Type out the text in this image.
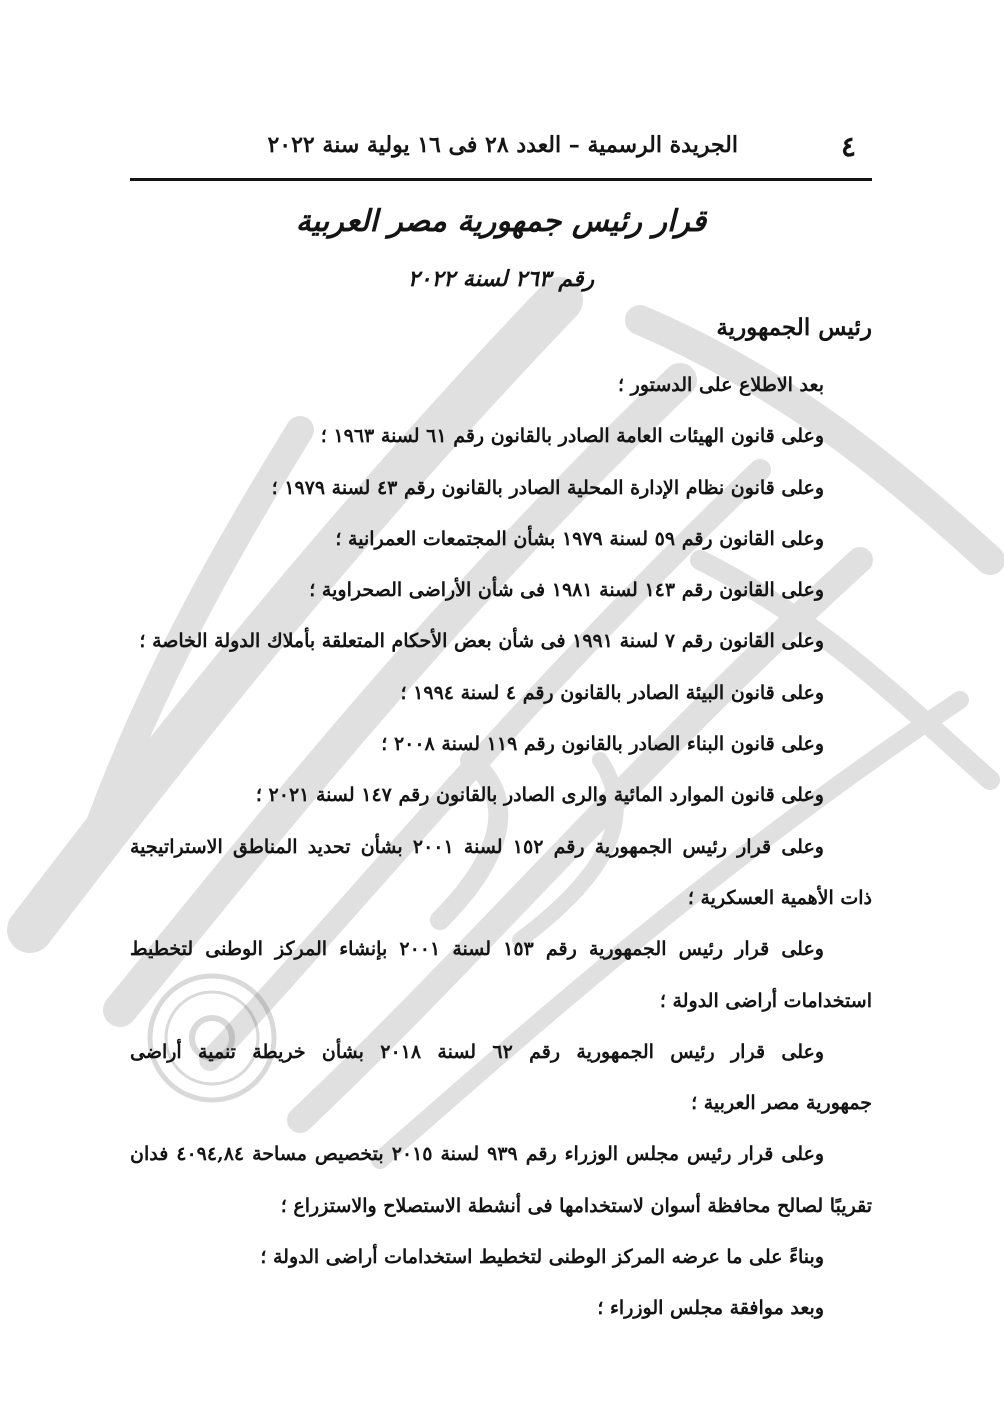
٤
الجريدة الرسمية – العدد ٢٨ فى ١٦ يولية سنة ٢٠٢٢
قرار رئيس جمهورية مصر العربية
رقم ٢٦٣ لسنة ٢٠٢٢
رئيس الجمهورية
بعد الاطلاع على الدستور ؛
وعلى قانون الهيئات العامة الصادر بالقانون رقم ٦١ لسنة ١٩٦٣ ؛
وعلى قانون نظام الإدارة المحلية الصادر بالقانون رقم ٤٣ لسنة ١٩٧٩ ؛
وعلى القانون رقم ٥٩ لسنة ١٩٧٩ بشأن المجتمعات العمرانية ؛
وعلى القانون رقم ١٤٣ لسنة ١٩٨١ فى شأن الأراضى الصحراوية ؛
وعلى القانون رقم ٧ لسنة ١٩٩١ فى شأن بعض الأحكام المتعلقة بأملاك الدولة الخاصة ؛
وعلى قانون البيئة الصادر بالقانون رقم ٤ لسنة ١٩٩٤ ؛
وعلى قانون البناء الصادر بالقانون رقم ١١٩ لسنة ٢٠٠٨ ؛
وعلى قانون الموارد المائية والرى الصادر بالقانون رقم ١٤٧ لسنة ٢٠٢١ ؛
وعلى قرار رئيس الجمهورية رقم ١٥٢ لسنة ٢٠٠١ بشأن تحديد المناطق الاستراتيجية
ذات الأهمية العسكرية ؛
وعلى قرار رئيس الجمهورية رقم ١٥٣ لسنة ٢٠٠١ بإنشاء المركز الوطنى لتخطيط
استخدامات أراضى الدولة ؛
وعلى قرار رئيس الجمهورية رقم ٦٢ لسنة ٢٠١٨ بشأن خريطة تنمية أراضى
جمهورية مصر العربية ؛
وعلى قرار رئيس مجلس الوزراء رقم ٩٣٩ لسنة ٢٠١٥ بتخصيص مساحة ٤٠٩٤,٨٤ فدان
تقريبًا لصالح محافظة أسوان لاستخدامها فى أنشطة الاستصلاح والاستزراع ؛
وبناءً على ما عرضه المركز الوطنى لتخطيط استخدامات أراضى الدولة ؛
وبعد موافقة مجلس الوزراء ؛
